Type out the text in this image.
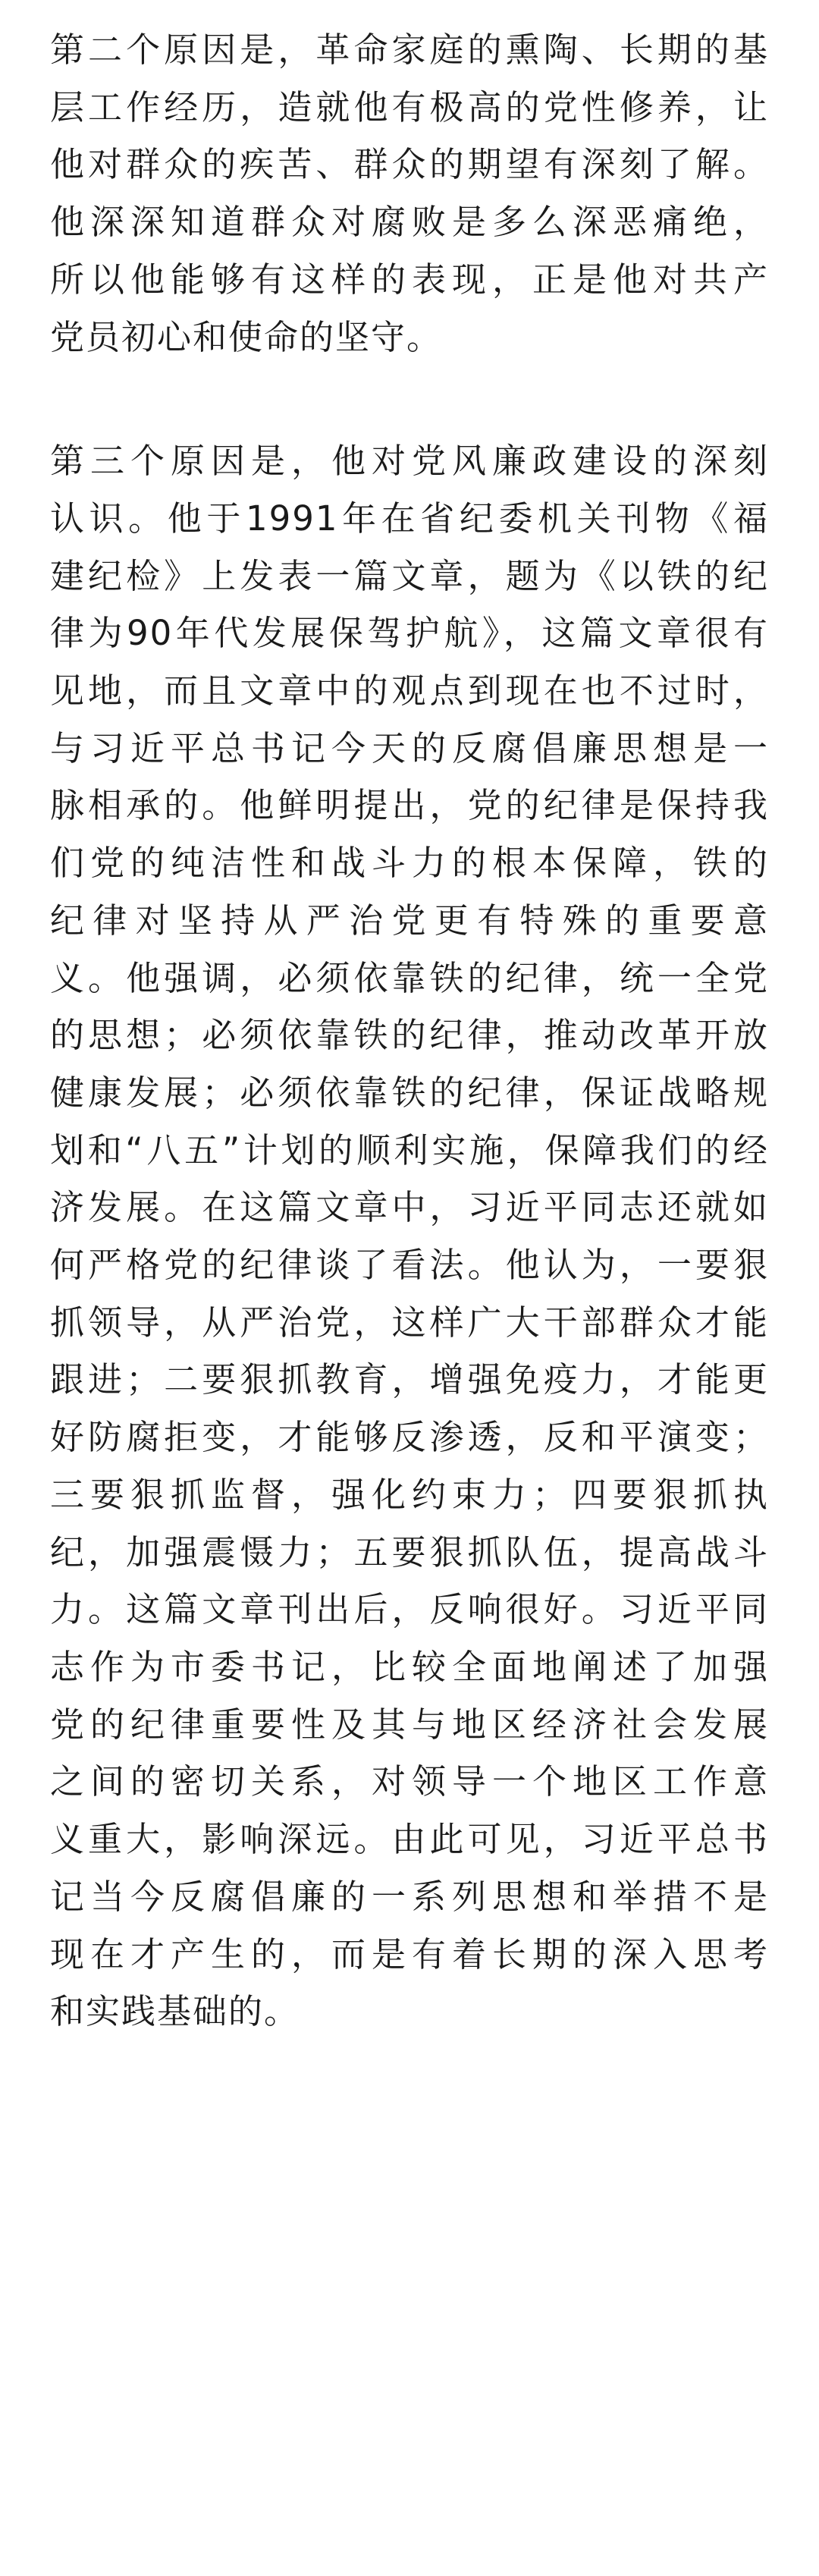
第二个原因是，革命家庭的熏陶、长期的基
层工作经历，造就他有极高的党性修养，让
他对群众的疾苦、群众的期望有深刻了解。
他深深知道群众对腐败是多么深恶痛绝，
所以他能够有这样的表现，正是他对共产
党员初心和使命的坚守。

第三个原因是，他对党风廉政建设的深刻
认识。他于1991年在省纪委机关刊物《福
建纪检》上发表一篇文章，题为《以铁的纪
律为90年代发展保驾护航》，这篇文章很有
见地，而且文章中的观点到现在也不过时，
与习近平总书记今天的反腐倡廉思想是一
脉相承的。他鲜明提出，党的纪律是保持我
们党的纯洁性和战斗力的根本保障，铁的
纪律对坚持从严治党更有特殊的重要意
义。他强调，必须依靠铁的纪律，统一全党
的思想；必须依靠铁的纪律，推动改革开放
健康发展；必须依靠铁的纪律，保证战略规
划和“八五”计划的顺利实施，保障我们的经
济发展。在这篇文章中，习近平同志还就如
何严格党的纪律谈了看法。他认为，一要狠
抓领导，从严治党，这样广大干部群众才能
跟进；二要狠抓教育，增强免疫力，才能更
好防腐拒变，才能够反渗透，反和平演变；
三要狠抓监督，强化约束力；四要狠抓执
纪，加强震慑力；五要狠抓队伍，提高战斗
力。这篇文章刊出后，反响很好。习近平同
志作为市委书记，比较全面地阐述了加强
党的纪律重要性及其与地区经济社会发展
之间的密切关系，对领导一个地区工作意
义重大，影响深远。由此可见，习近平总书
记当今反腐倡廉的一系列思想和举措不是
现在才产生的，而是有着长期的深入思考
和实践基础的。
